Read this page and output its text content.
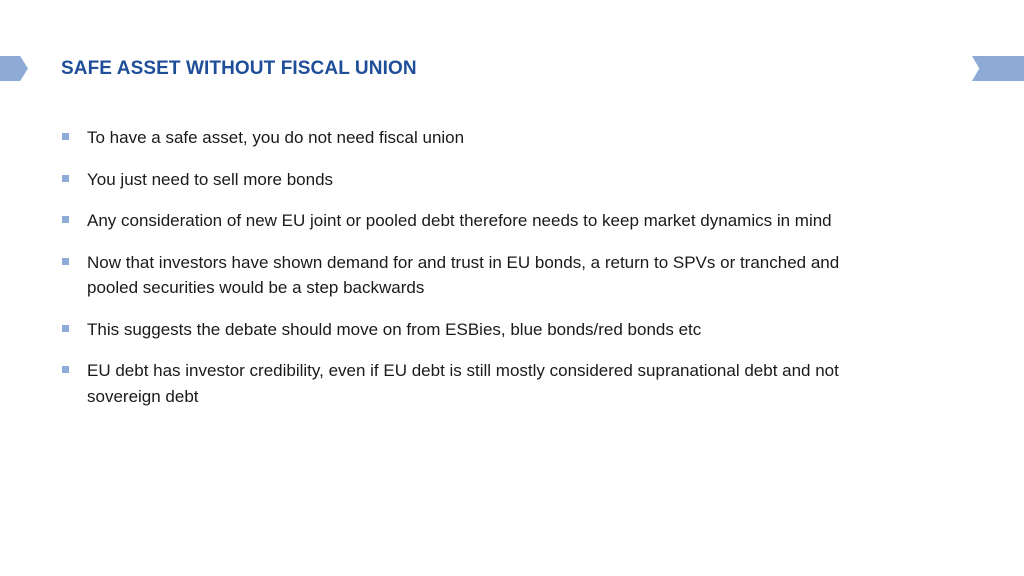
SAFE ASSET WITHOUT FISCAL UNION
To have a safe asset, you do not need fiscal union
You just need to sell more bonds
Any consideration of new EU joint or pooled debt therefore needs to keep market dynamics in mind
Now that investors have shown demand for and trust in EU bonds, a return to SPVs or tranched and pooled securities would be a step backwards
This suggests the debate should move on from ESBies, blue bonds/red bonds etc
EU debt has investor credibility, even if EU debt is still mostly considered supranational debt and not sovereign debt
